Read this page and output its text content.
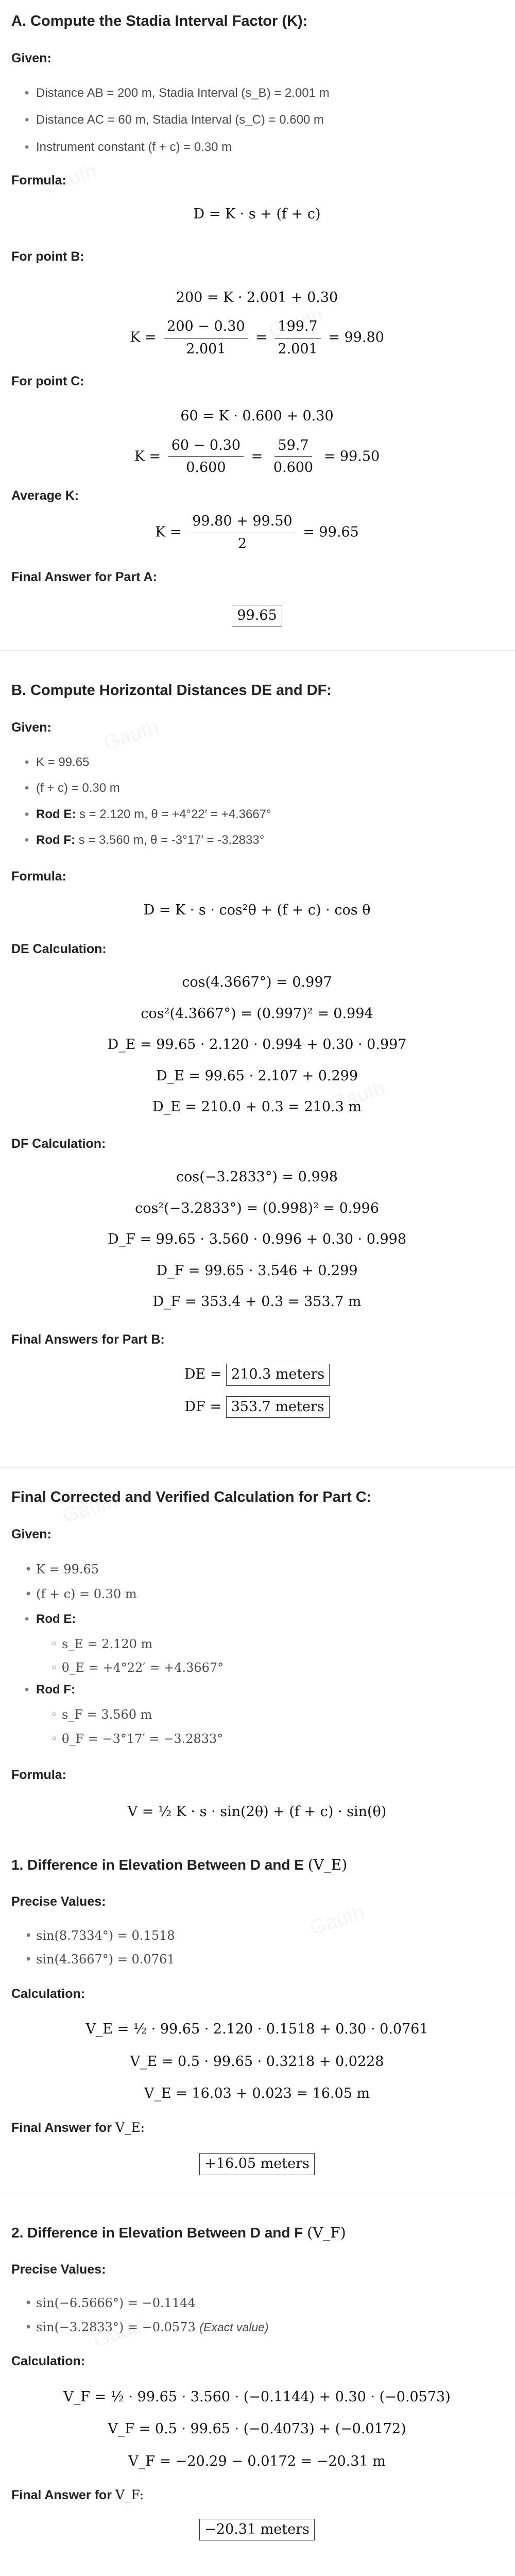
A. Compute the Stadia Interval Factor (K):
Given:
• Distance AB = 200 m, Stadia Interval (s_B) = 2.001 m
• Distance AC = 60 m, Stadia Interval (s_C) = 0.600 m
• Instrument constant (f + c) = 0.30 m
Formula:
D = K · s + (f + c)
For point B:
200 = K · 2.001 + 0.30
$K = \frac{200 - 0.30}{2.001} = \frac{199.7}{2.001} = 99.80$
For point C:
60 = K · 0.600 + 0.30
$K = \frac{60 - 0.30}{0.600} = \frac{59.7}{0.600} = 99.50$
Average K:
$K = \frac{99.80 + 99.50}{2} = 99.65$
Final Answer for Part A:
99.65
B. Compute Horizontal Distances DE and DF:
Given:
• K = 99.65
• (f + c) = 0.30 m
• Rod E: s = 2.120 m, θ = +4°22′ = +4.3667°
• Rod F: s = 3.560 m, θ = -3°17′ = -3.2833°
Formula:
D = K · s · cos²θ + (f + c) · cos θ
DE Calculation:
cos(4.3667°) = 0.997
cos²(4.3667°) = (0.997)² = 0.994
D_E = 99.65 · 2.120 · 0.994 + 0.30 · 0.997
D_E = 99.65 · 2.107 + 0.299
D_E = 210.0 + 0.3 = 210.3 m
DF Calculation:
cos(−3.2833°) = 0.998
cos²(−3.2833°) = (0.998)² = 0.996
D_F = 99.65 · 3.560 · 0.996 + 0.30 · 0.998
D_F = 99.65 · 3.546 + 0.299
D_F = 353.4 + 0.3 = 353.7 m
Final Answers for Part B:
DE = 210.3 meters
DF = 353.7 meters
Final Corrected and Verified Calculation for Part C:
Given:
• K = 99.65
• (f + c) = 0.30 m
• Rod E:
◦ s_E = 2.120 m
◦ θ_E = +4°22′ = +4.3667°
• Rod F:
◦ s_F = 3.560 m
◦ θ_F = −3°17′ = −3.2833°
Formula:
V = ½ K · s · sin(2θ) + (f + c) · sin(θ)
1. Difference in Elevation Between D and E (V_E)
Precise Values:
• sin(8.7334°) = 0.1518
• sin(4.3667°) = 0.0761
Calculation:
V_E = ½ · 99.65 · 2.120 · 0.1518 + 0.30 · 0.0761
V_E = 0.5 · 99.65 · 0.3218 + 0.0228
V_E = 16.03 + 0.023 = 16.05 m
Final Answer for V_E:
+16.05 meters
2. Difference in Elevation Between D and F (V_F)
Precise Values:
• sin(−6.5666°) = −0.1144
• sin(−3.2833°) = −0.0573 (Exact value)
Calculation:
V_F = ½ · 99.65 · 3.560 · (−0.1144) + 0.30 · (−0.0573)
V_F = 0.5 · 99.65 · (−0.4073) + (−0.0172)
V_F = −20.29 − 0.0172 = −20.31 m
Final Answer for V_F:
−20.31 meters
